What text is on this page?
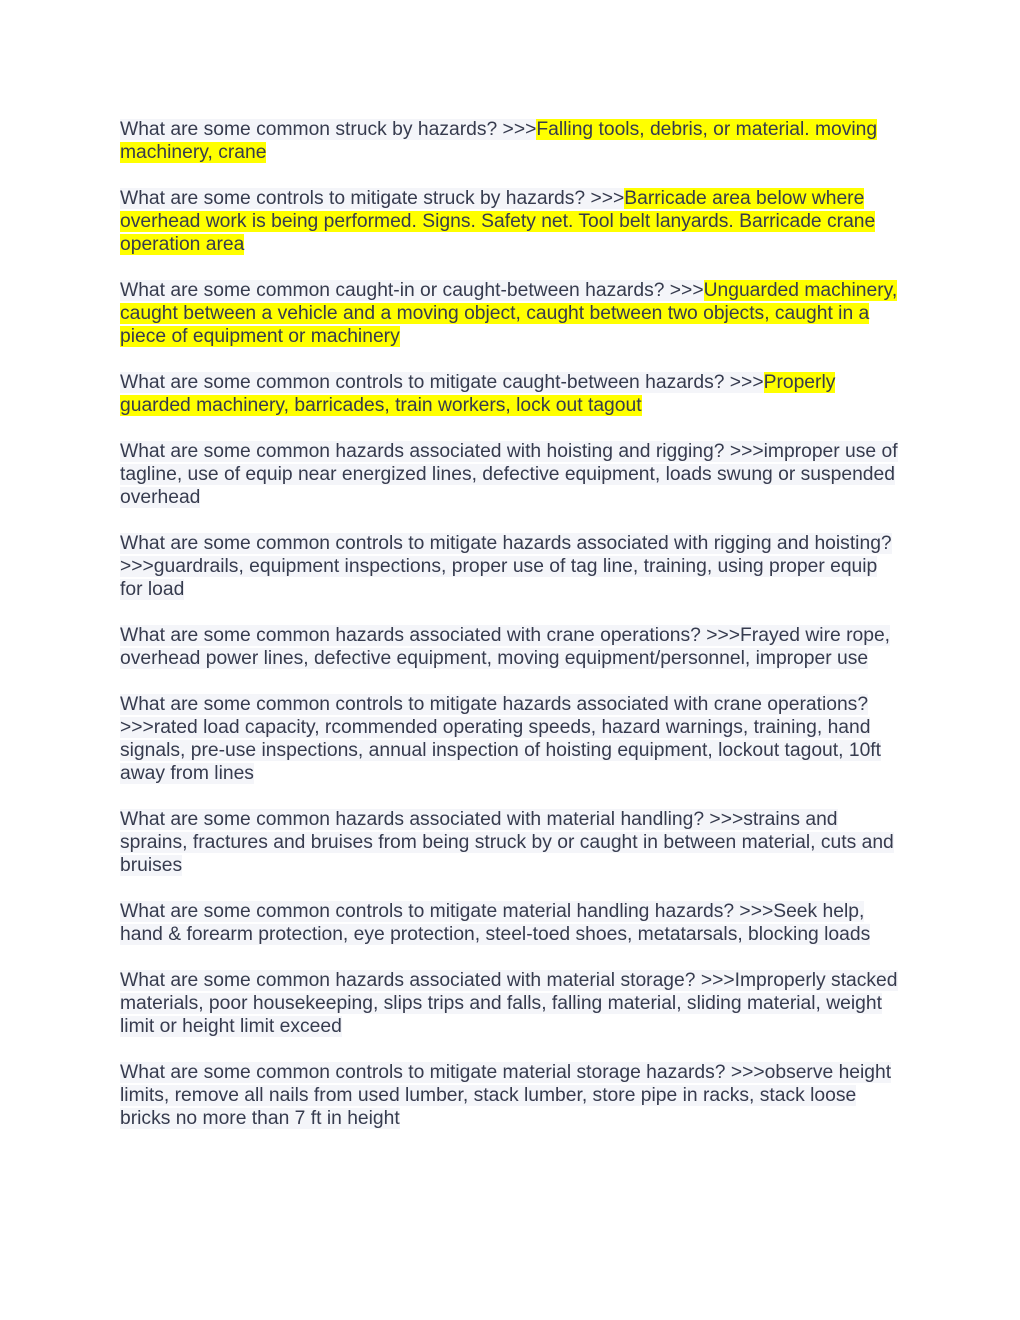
What are some common struck by hazards? >>>Falling tools, debris, or material. moving machinery, crane

What are some controls to mitigate struck by hazards? >>>Barricade area below where overhead work is being performed. Signs. Safety net. Tool belt lanyards. Barricade crane operation area

What are some common caught-in or caught-between hazards? >>>Unguarded machinery, caught between a vehicle and a moving object, caught between two objects, caught in a piece of equipment or machinery

What are some common controls to mitigate caught-between hazards? >>>Properly guarded machinery, barricades, train workers, lock out tagout

What are some common hazards associated with hoisting and rigging? >>>improper use of tagline, use of equip near energized lines, defective equipment, loads swung or suspended overhead

What are some common controls to mitigate hazards associated with rigging and hoisting? >>>guardrails, equipment inspections, proper use of tag line, training, using proper equip for load

What are some common hazards associated with crane operations? >>>Frayed wire rope, overhead power lines, defective equipment, moving equipment/personnel, improper use

What are some common controls to mitigate hazards associated with crane operations? >>>rated load capacity, rcommended operating speeds, hazard warnings, training, hand signals, pre-use inspections, annual inspection of hoisting equipment, lockout tagout, 10ft away from lines

What are some common hazards associated with material handling? >>>strains and sprains, fractures and bruises from being struck by or caught in between material, cuts and bruises

What are some common controls to mitigate material handling hazards? >>>Seek help, hand & forearm protection, eye protection, steel-toed shoes, metatarsals, blocking loads

What are some common hazards associated with material storage? >>>Improperly stacked materials, poor housekeeping, slips trips and falls, falling material, sliding material, weight limit or height limit exceed

What are some common controls to mitigate material storage hazards? >>>observe height limits, remove all nails from used lumber, stack lumber, store pipe in racks, stack loose bricks no more than 7 ft in height
